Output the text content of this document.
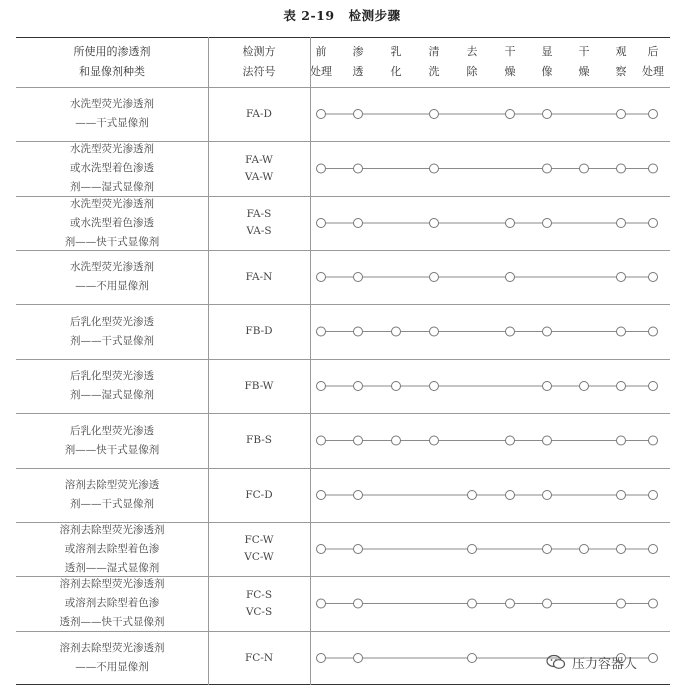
表 2-19 检测步骤
所使用的渗透剂
和显像剂种类
检测方
法符号
前
处理
渗
透
乳
化
清
洗
去
除
干
燥
显
像
干
燥
观
察
后
处理
水洗型荧光渗透剂
——干式显像剂
FA-D
水洗型荧光渗透剂
或水洗型着色渗透
剂——湿式显像剂
FA-W
VA-W
水洗型荧光渗透剂
或水洗型着色渗透
剂——快干式显像剂
FA-S
VA-S
水洗型荧光渗透剂
——不用显像剂
FA-N
后乳化型荧光渗透
剂——干式显像剂
FB-D
后乳化型荧光渗透
剂——湿式显像剂
FB-W
后乳化型荧光渗透
剂——快干式显像剂
FB-S
溶剂去除型荧光渗透
剂——干式显像剂
FC-D
溶剂去除型荧光渗透剂
或溶剂去除型着色渗
透剂——湿式显像剂
FC-W
VC-W
溶剂去除型荧光渗透剂
或溶剂去除型着色渗
透剂——快干式显像剂
FC-S
VC-S
溶剂去除型荧光渗透剂
——不用显像剂
FC-N	压力容器人
